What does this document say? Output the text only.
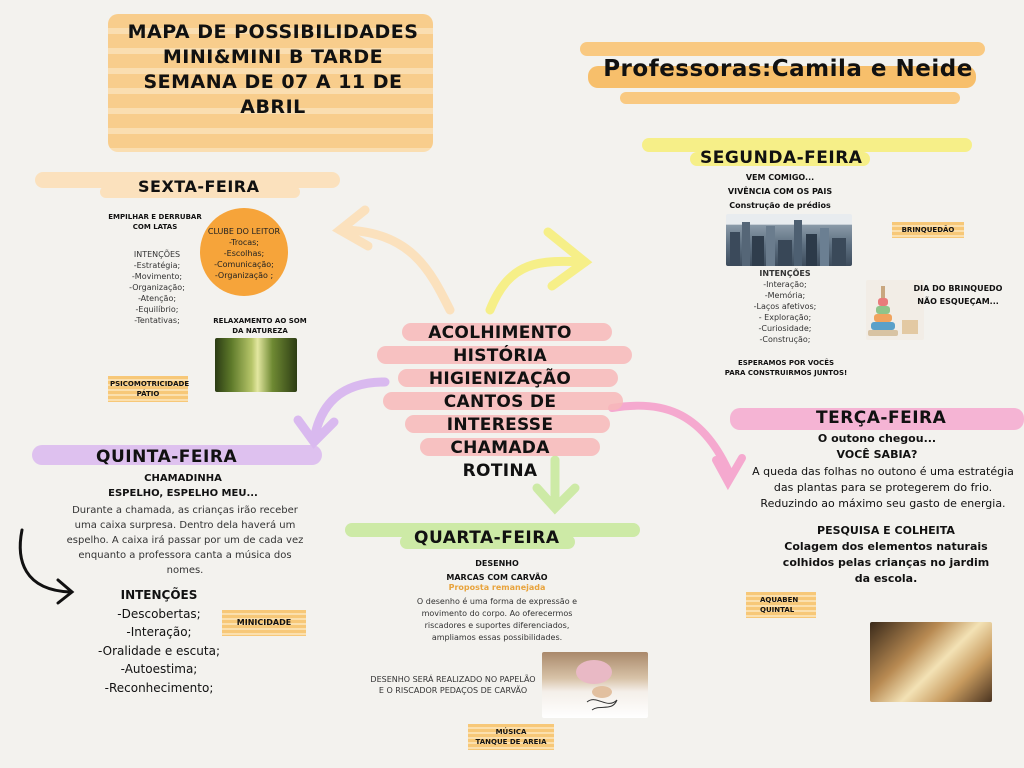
MAPA DE POSSIBILIDADES
MINI&MINI B TARDE
SEMANA DE 07 A 11 DE
ABRIL
Professoras:Camila e Neide
ACOLHIMENTO
HISTÓRIA
HIGIENIZAÇÃO
CANTOS DE INTERESSE
CHAMADA
ROTINA
SEXTA-FEIRA
EMPILHAR E DERRUBAR
COM LATAS
INTENÇÕES
-Estratégia;
-Movimento;
-Organização;
-Atenção;
-Equilíbrio;
-Tentativas;
CLUBE DO LEITOR
-Trocas;
-Escolhas;
-Comunicação;
-Organização ;
RELAXAMENTO AO SOM
DA NATUREZA
PSICOMOTRICIDADE
PÁTIO
SEGUNDA-FEIRA
VEM COMIGO...
VIVÊNCIA COM OS PAIS
Construção de prédios
BRINQUEDÃO
INTENÇÕES
-Interação;
-Memória;
-Laços afetivos;
- Exploração;
-Curiosidade;
-Construção;
DIA DO BRINQUEDO
NÃO ESQUEÇAM...
ESPERAMOS POR VOCÊS
PARA CONSTRUIRMOS JUNTOS!
TERÇA-FEIRA
O outono chegou...
VOCÊ SABIA?
A queda das folhas no outono é uma estratégia
das plantas para se protegerem do frio.
Reduzindo ao máximo seu gasto de energia.
PESQUISA E COLHEITA
Colagem dos elementos naturais
colhidos pelas crianças no jardim
da escola.
AQUABEN
QUINTAL
QUARTA-FEIRA
DESENHO
MARCAS COM CARVÃO
Proposta remanejada
O desenho é uma forma de expressão e
movimento do corpo. Ao oferecermos
riscadores e suportes diferenciados,
ampliamos essas possibilidades.
DESENHO SERÁ REALIZADO NO PAPELÃO
E O RISCADOR PEDAÇOS DE CARVÃO
MÚSICA
TANQUE DE AREIA
QUINTA-FEIRA
CHAMADINHA
ESPELHO, ESPELHO MEU...
Durante a chamada, as crianças irão receber
uma caixa surpresa. Dentro dela haverá um
espelho. A caixa irá passar por um de cada vez
enquanto a professora canta a música dos
nomes.
INTENÇÕES
-Descobertas;
-Interação;
-Oralidade e escuta;
-Autoestima;
-Reconhecimento;
MINICIDADE
